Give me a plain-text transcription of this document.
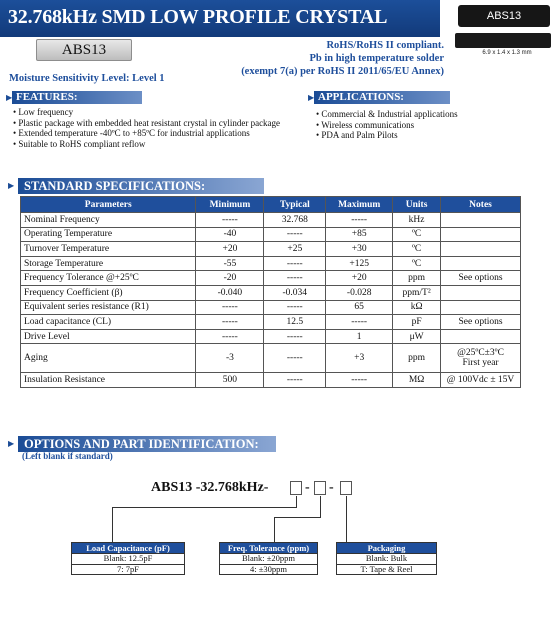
32.768kHz SMD LOW PROFILE CRYSTAL
ABS13	RoHS/RoHS II compliant.
Pb in high temperature solder
(exempt 7(a) per RoHS II 2011/65/EU Annex)
ABS13
6.9 x 1.4 x 1.3 mm
Moisture Sensitivity Level: Level 1
▶ FEATURES:
• Low frequency
• Plastic package with embedded heat resistant crystal in cylinder package
• Extended temperature -40ºC to +85ºC for industrial applications
• Suitable to RoHS compliant reflow
▶ APPLICATIONS:
• Commercial & Industrial applications
• Wireless communications
• PDA and Palm Pilots
▶ STANDARD SPECIFICATIONS:
Parameters	Minimum	Typical	Maximum	Units	Notes
Nominal Frequency	-----	32.768	-----	kHz	
Operating Temperature	-40	-----	+85	ºC	
Turnover Temperature	+20	+25	+30	ºC	
Storage Temperature	-55	-----	+125	ºC	
Frequency Tolerance @+25ºC	-20	-----	+20	ppm	See options
Frequency Coefficient (β)	-0.040	-0.034	-0.028	ppm/T²	
Equivalent series resistance (R1)	-----	-----	65	kΩ	
Load capacitance (CL)	-----	12.5	-----	pF	See options
Drive Level	-----	-----	1	μW	
Aging	-3	-----	+3	ppm	@25ºC±3ºC
First year
Insulation Resistance	500	-----	-----	MΩ	@ 100Vdc ± 15V
▶ OPTIONS AND PART IDENTIFICATION:
(Left blank if standard)
ABS13 -32.768kHz-	- -
Load Capacitance (pF)
Blank: 12.5pF
7: 7pF
Freq. Tolerance (ppm)
Blank: ±20ppm
4: ±30ppm
Packaging
Blank: Bulk
T: Tape & Reel
